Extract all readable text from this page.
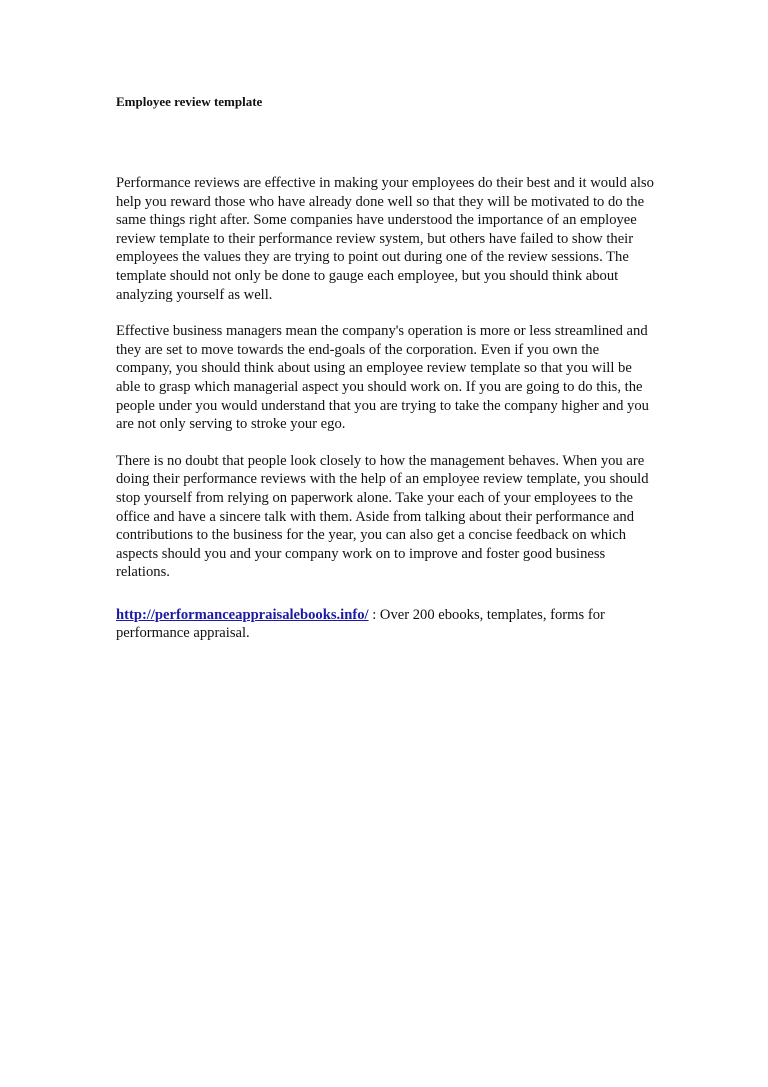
Employee review template

Performance reviews are effective in making your employees do their best and it would also help you reward those who have already done well so that they will be motivated to do the same things right after. Some companies have understood the importance of an employee review template to their performance review system, but others have failed to show their employees the values they are trying to point out during one of the review sessions. The template should not only be done to gauge each employee, but you should think about analyzing yourself as well.

Effective business managers mean the company's operation is more or less streamlined and they are set to move towards the end-goals of the corporation. Even if you own the company, you should think about using an employee review template so that you will be able to grasp which managerial aspect you should work on. If you are going to do this, the people under you would understand that you are trying to take the company higher and you are not only serving to stroke your ego.

There is no doubt that people look closely to how the management behaves. When you are doing their performance reviews with the help of an employee review template, you should stop yourself from relying on paperwork alone. Take your each of your employees to the office and have a sincere talk with them. Aside from talking about their performance and contributions to the business for the year, you can also get a concise feedback on which aspects should you and your company work on to improve and foster good business relations.

http://performanceappraisalebooks.info/ : Over 200 ebooks, templates, forms for performance appraisal.
